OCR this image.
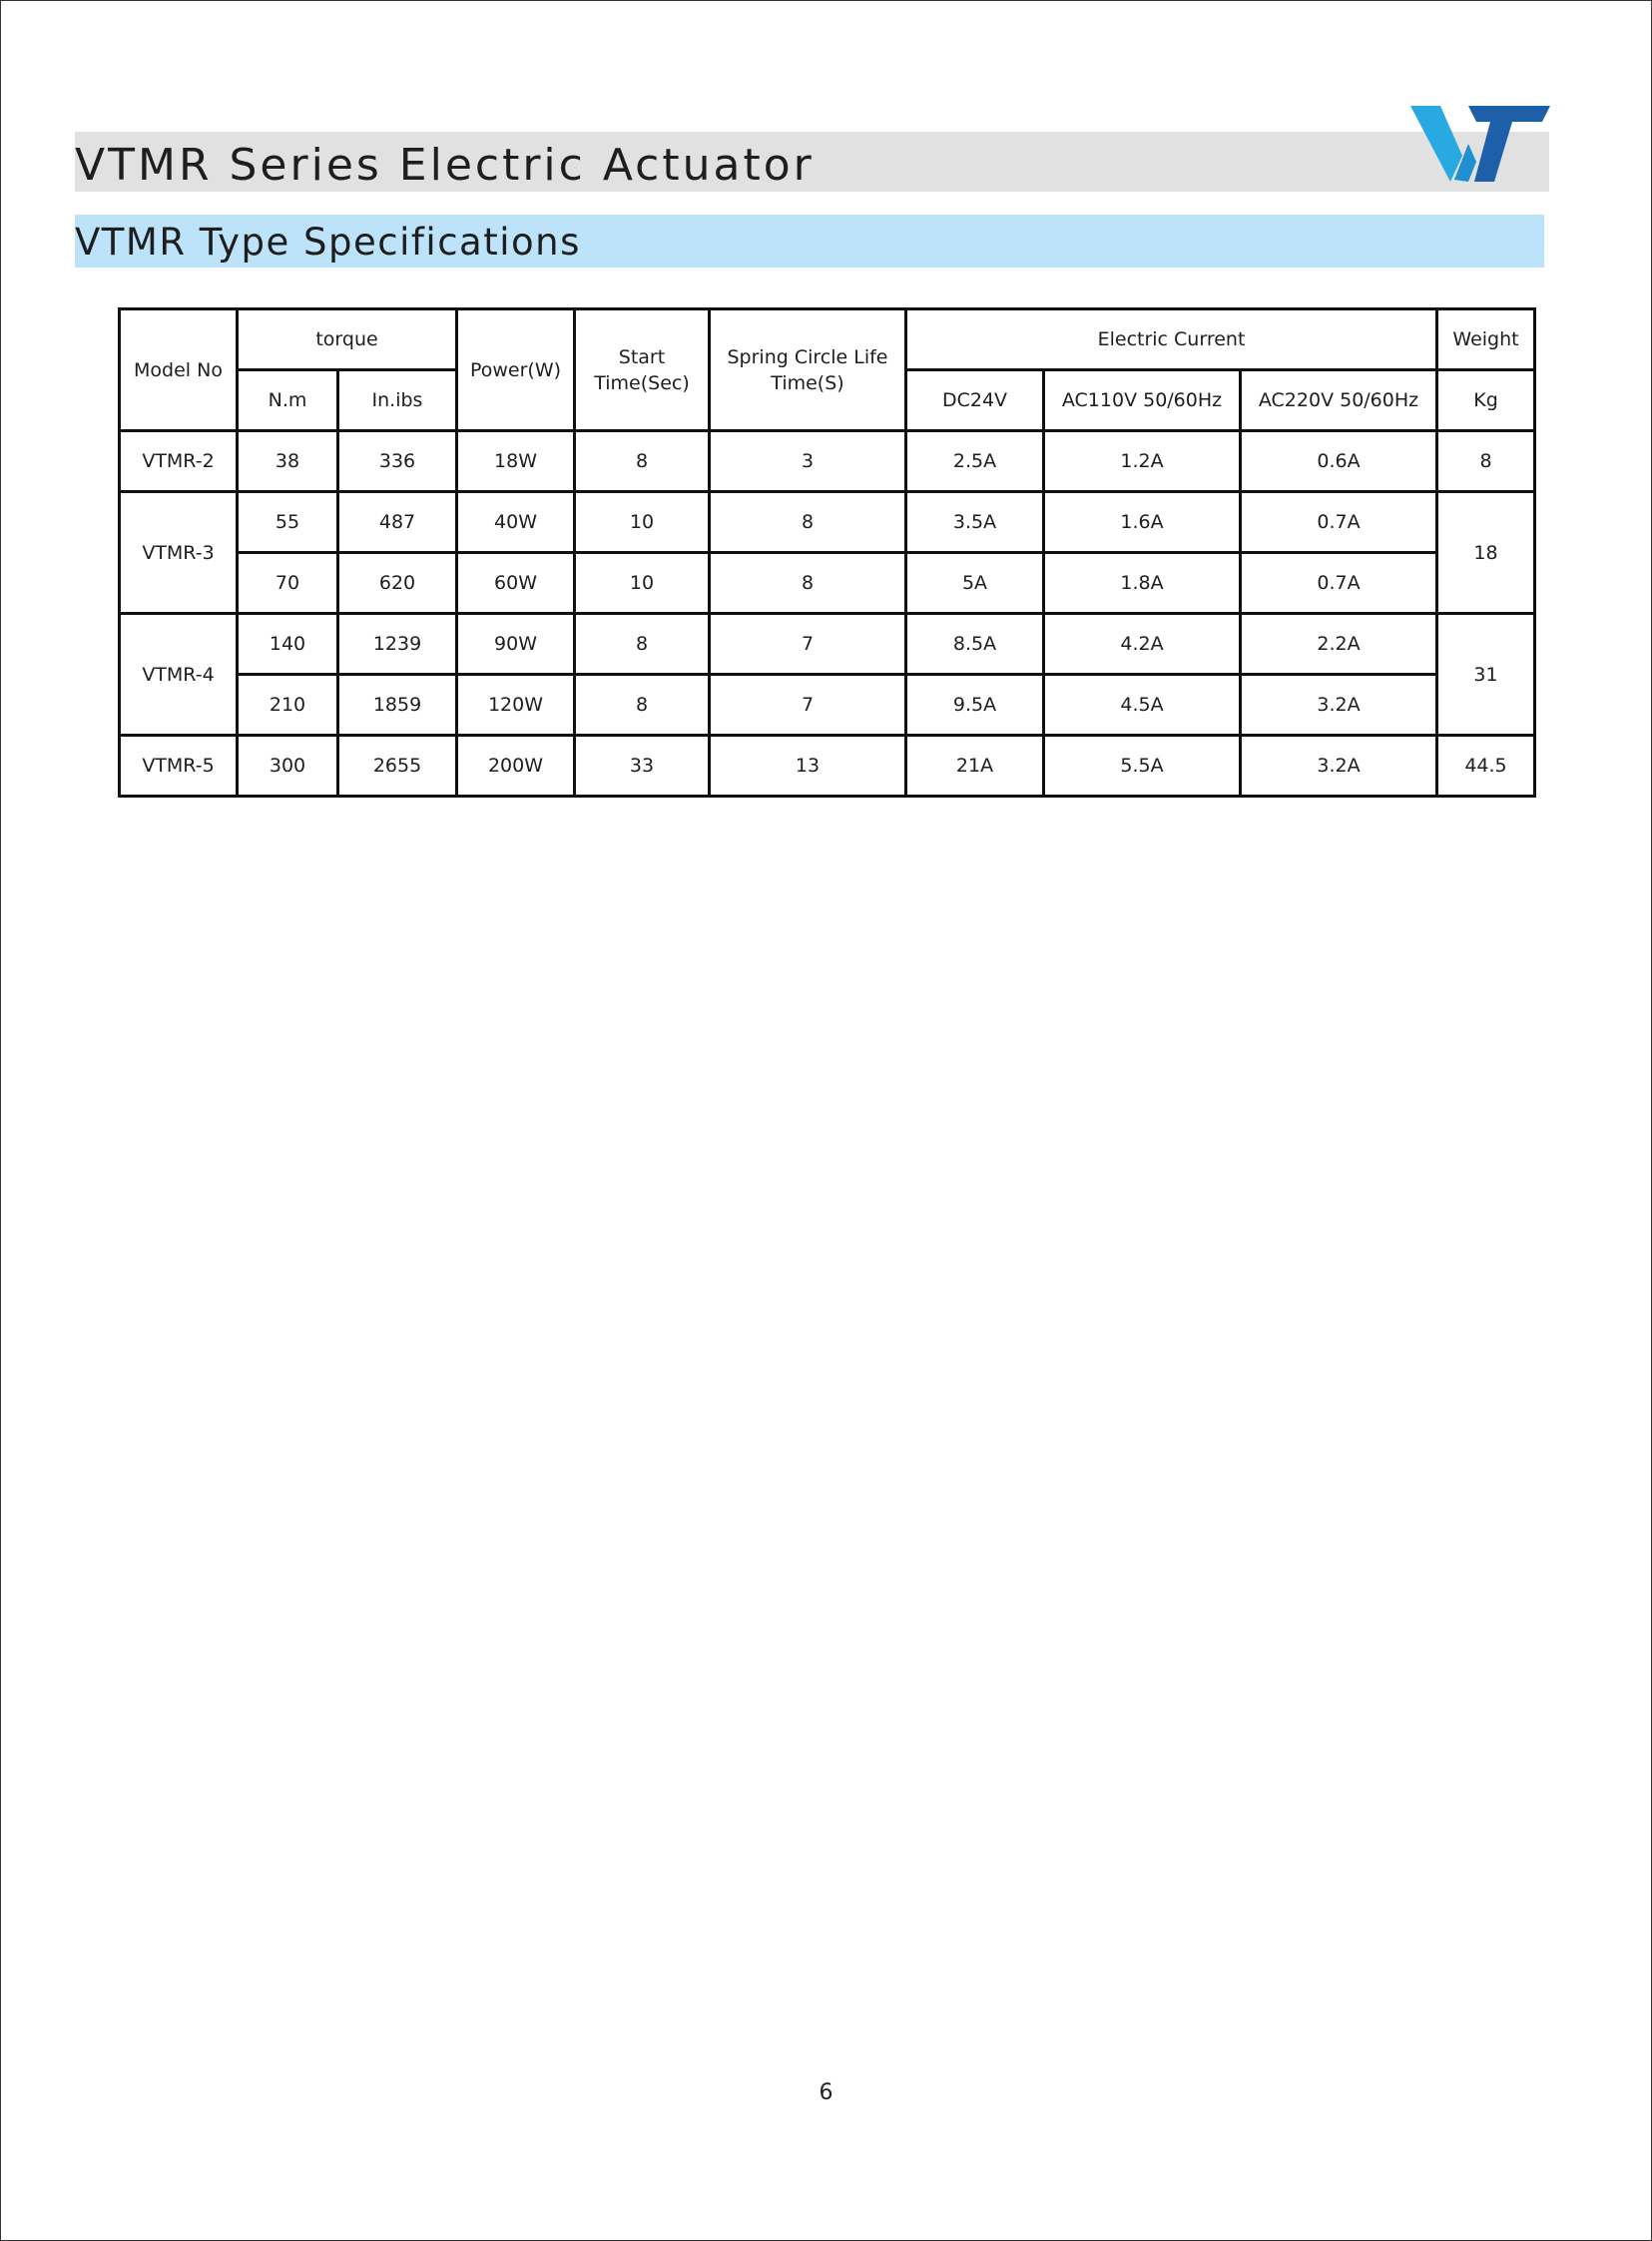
VTMR Series Electric Actuator
VTMR Type Specifications
Model No	torque		Power(W)	Start Time(Sec)	Spring Circle Life Time(S)	Electric Current			Weight
	N.m	In.ibs				DC24V	AC110V 50/60Hz	AC220V 50/60Hz	Kg
VTMR-2	38	336	18W	8	3	2.5A	1.2A	0.6A	8
VTMR-3	55	487	40W	10	8	3.5A	1.6A	0.7A	18
	70	620	60W	10	8	5A	1.8A	0.7A	
VTMR-4	140	1239	90W	8	7	8.5A	4.2A	2.2A	31
	210	1859	120W	8	7	9.5A	4.5A	3.2A	
VTMR-5	300	2655	200W	33	13	21A	5.5A	3.2A	44.5
6
